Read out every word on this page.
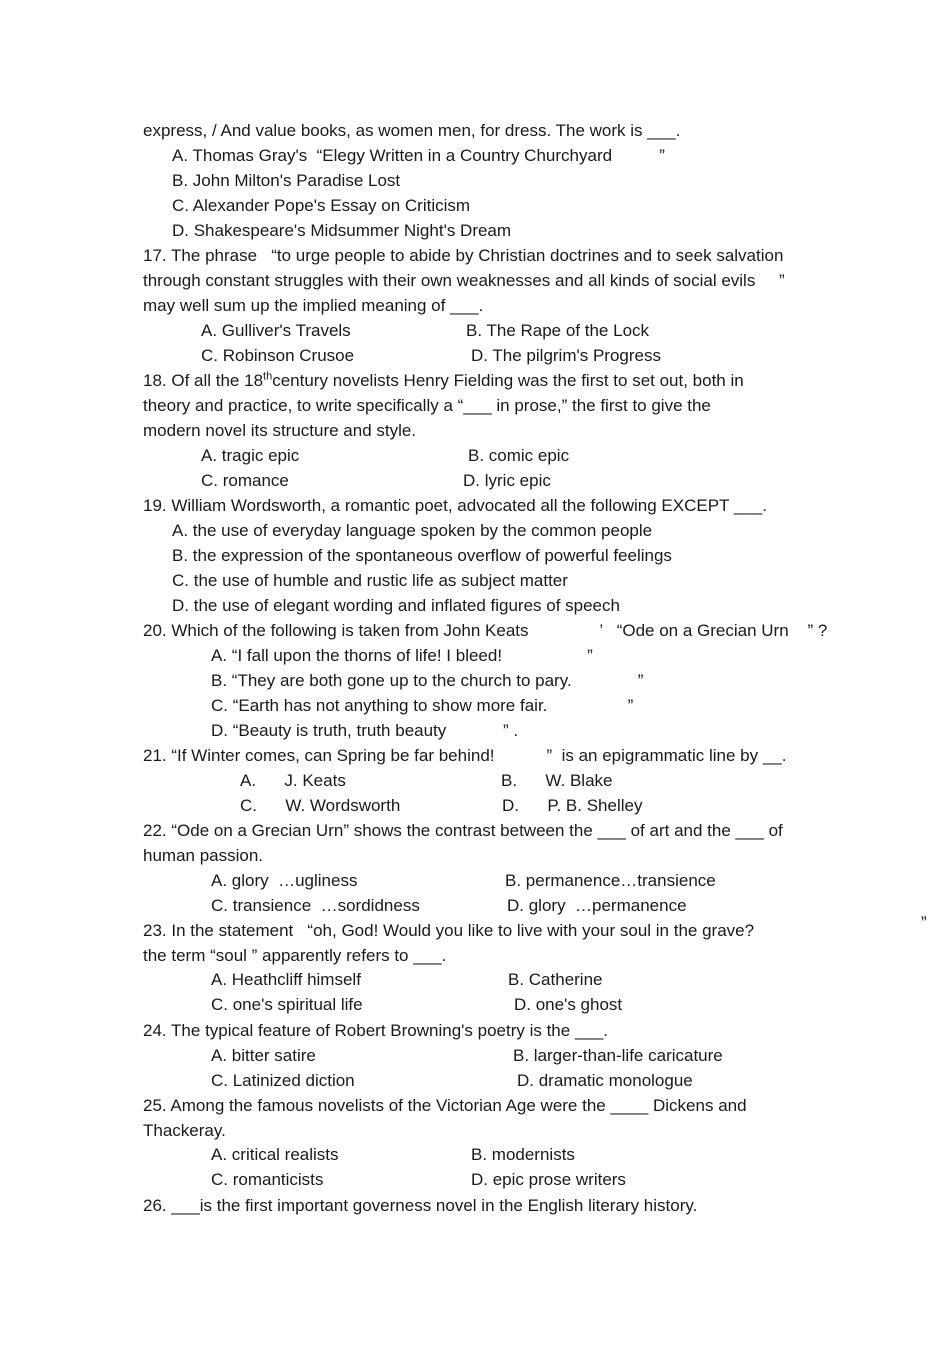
express, / And value books, as women men, for dress. The work is ___.
A. Thomas Gray's  “Elegy Written in a Country Churchyard          ”
B. John Milton's Paradise Lost
C. Alexander Pope's Essay on Criticism
D. Shakespeare's Midsummer Night's Dream
17. The phrase   “to urge people to abide by Christian doctrines and to seek salvation
through constant struggles with their own weaknesses and all kinds of social evils     ”
may well sum up the implied meaning of ___.
A. Gulliver's Travels	B. The Rape of the Lock
C. Robinson Crusoe	D. The pilgrim's Progress
18. Of all the 18thcentury novelists Henry Fielding was the first to set out, both in
theory and practice, to write specifically a “___ in prose,” the first to give the
modern novel its structure and style.
A. tragic epic	B. comic epic
C. romance	D. lyric epic
19. William Wordsworth, a romantic poet, advocated all the following EXCEPT ___.
A. the use of everyday language spoken by the common people
B. the expression of the spontaneous overflow of powerful feelings
C. the use of humble and rustic life as subject matter
D. the use of elegant wording and inflated figures of speech
20. Which of the following is taken from John Keats               ’   “Ode on a Grecian Urn    ” ?
A. “I fall upon the thorns of life! I bleed!                  ”
B. “They are both gone up to the church to pary.              ”
C. “Earth has not anything to show more fair.                 ”
D. “Beauty is truth, truth beauty            ” .
21. “If Winter comes, can Spring be far behind!           ”  is an epigrammatic line by __.
A.      J. Keats	B.      W. Blake
C.      W. Wordsworth	D.      P. B. Shelley
22. “Ode on a Grecian Urn” shows the contrast between the ___ of art and the ___ of
human passion.
A. glory  …ugliness	B. permanence…transience
C. transience  …sordidness	D. glory  …permanence
23. In the statement   “oh, God! Would you like to live with your soul in the grave?	”
the term “soul ” apparently refers to ___.
A. Heathcliff himself	B. Catherine
C. one's spiritual life	D. one's ghost
24. The typical feature of Robert Browning's poetry is the ___.
A. bitter satire	B. larger-than-life caricature
C. Latinized diction	D. dramatic monologue
25. Among the famous novelists of the Victorian Age were the ____ Dickens and
Thackeray.
A. critical realists	B. modernists
C. romanticists	D. epic prose writers
26. ___is the first important governess novel in the English literary history.
